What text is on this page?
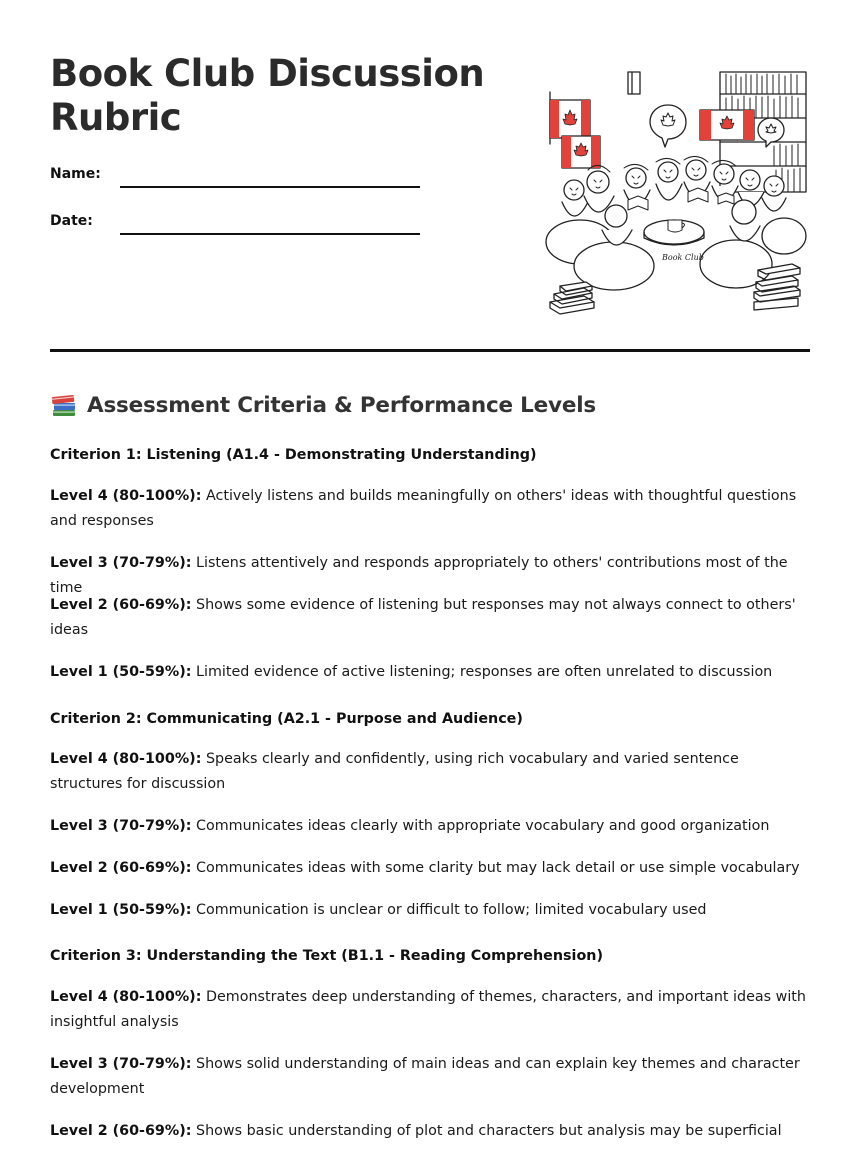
Book Club Discussion Rubric
Name:
Date:
Book Club
Assessment Criteria & Performance Levels
Criterion 1: Listening (A1.4 - Demonstrating Understanding)
Level 4 (80-100%): Actively listens and builds meaningfully on others' ideas with thoughtful questions and responses
Level 3 (70-79%): Listens attentively and responds appropriately to others' contributions most of the time
Level 2 (60-69%): Shows some evidence of listening but responses may not always connect to others' ideas
Level 1 (50-59%): Limited evidence of active listening; responses are often unrelated to discussion
Criterion 2: Communicating (A2.1 - Purpose and Audience)
Level 4 (80-100%): Speaks clearly and confidently, using rich vocabulary and varied sentence structures for discussion
Level 3 (70-79%): Communicates ideas clearly with appropriate vocabulary and good organization
Level 2 (60-69%): Communicates ideas with some clarity but may lack detail or use simple vocabulary
Level 1 (50-59%): Communication is unclear or difficult to follow; limited vocabulary used
Criterion 3: Understanding the Text (B1.1 - Reading Comprehension)
Level 4 (80-100%): Demonstrates deep understanding of themes, characters, and important ideas with insightful analysis
Level 3 (70-79%): Shows solid understanding of main ideas and can explain key themes and character development
Level 2 (60-69%): Shows basic understanding of plot and characters but analysis may be superficial
